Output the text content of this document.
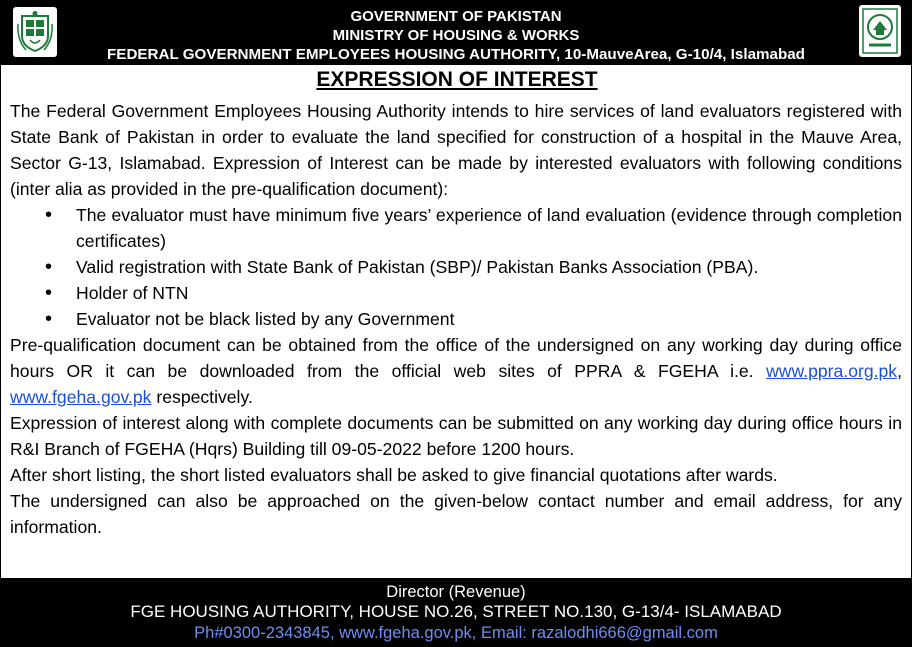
GOVERNMENT OF PAKISTAN
MINISTRY OF HOUSING & WORKS
FEDERAL GOVERNMENT EMPLOYEES HOUSING AUTHORITY, 10-MauveArea, G-10/4, Islamabad
EXPRESSION OF INTEREST

The Federal Government Employees Housing Authority intends to hire services of land evaluators registered with State Bank of Pakistan in order to evaluate the land specified for construction of a hospital in the Mauve Area, Sector G-13, Islamabad. Expression of Interest can be made by interested evaluators with following conditions (inter alia as provided in the pre-qualification document):

• The evaluator must have minimum five years’ experience of land evaluation (evidence through completion certificates)
• Valid registration with State Bank of Pakistan (SBP)/ Pakistan Banks Association (PBA).
• Holder of NTN
• Evaluator not be black listed by any Government

Pre-qualification document can be obtained from the office of the undersigned on any working day during office hours OR it can be downloaded from the official web sites of PPRA & FGEHA i.e. www.ppra.org.pk, www.fgeha.gov.pk respectively.

Expression of interest along with complete documents can be submitted on any working day during office hours in R&I Branch of FGEHA (Hqrs) Building till 09-05-2022 before 1200 hours.

After short listing, the short listed evaluators shall be asked to give financial quotations after wards.

The undersigned can also be approached on the given-below contact number and email address, for any information.

Director (Revenue)
FGE HOUSING AUTHORITY, HOUSE NO.26, STREET NO.130, G-13/4- ISLAMABAD
Ph#0300-2343845, www.fgeha.gov.pk, Email: razalodhi666@gmail.com
